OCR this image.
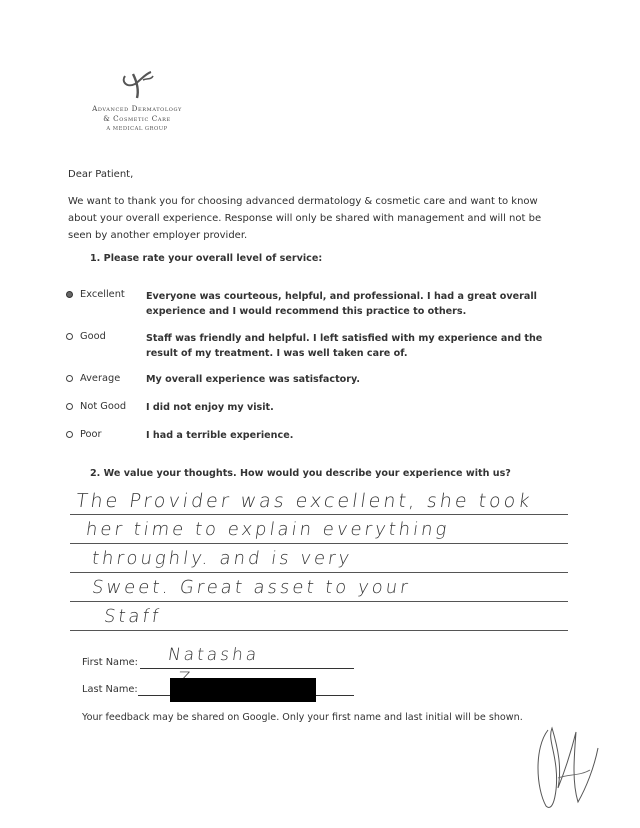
Advanced Dermatology
& Cosmetic Care
A MEDICAL GROUP
Dear Patient,
We want to thank you for choosing advanced dermatology & cosmetic care and want to know about your overall experience. Response will only be shared with management and will not be seen by another employer provider.
1. Please rate your overall level of service:
Excellent Everyone was courteous, helpful, and professional. I had a great overall experience and I would recommend this practice to others.
Good	Staff was friendly and helpful. I left satisfied with my experience and the result of my treatment. I was well taken care of.
Average	My overall experience was satisfactory.
Not Good I did not enjoy my visit.
Poor	I had a terrible experience.
2. We value your thoughts. How would you describe your experience with us?
The Provider was excellent, she took
her time to explain everything
throughly. and is very
Sweet. Great asset to your
Staff
First Name: Natasha
Last Name:
Your feedback may be shared on Google. Only your first name and last initial will be shown.
